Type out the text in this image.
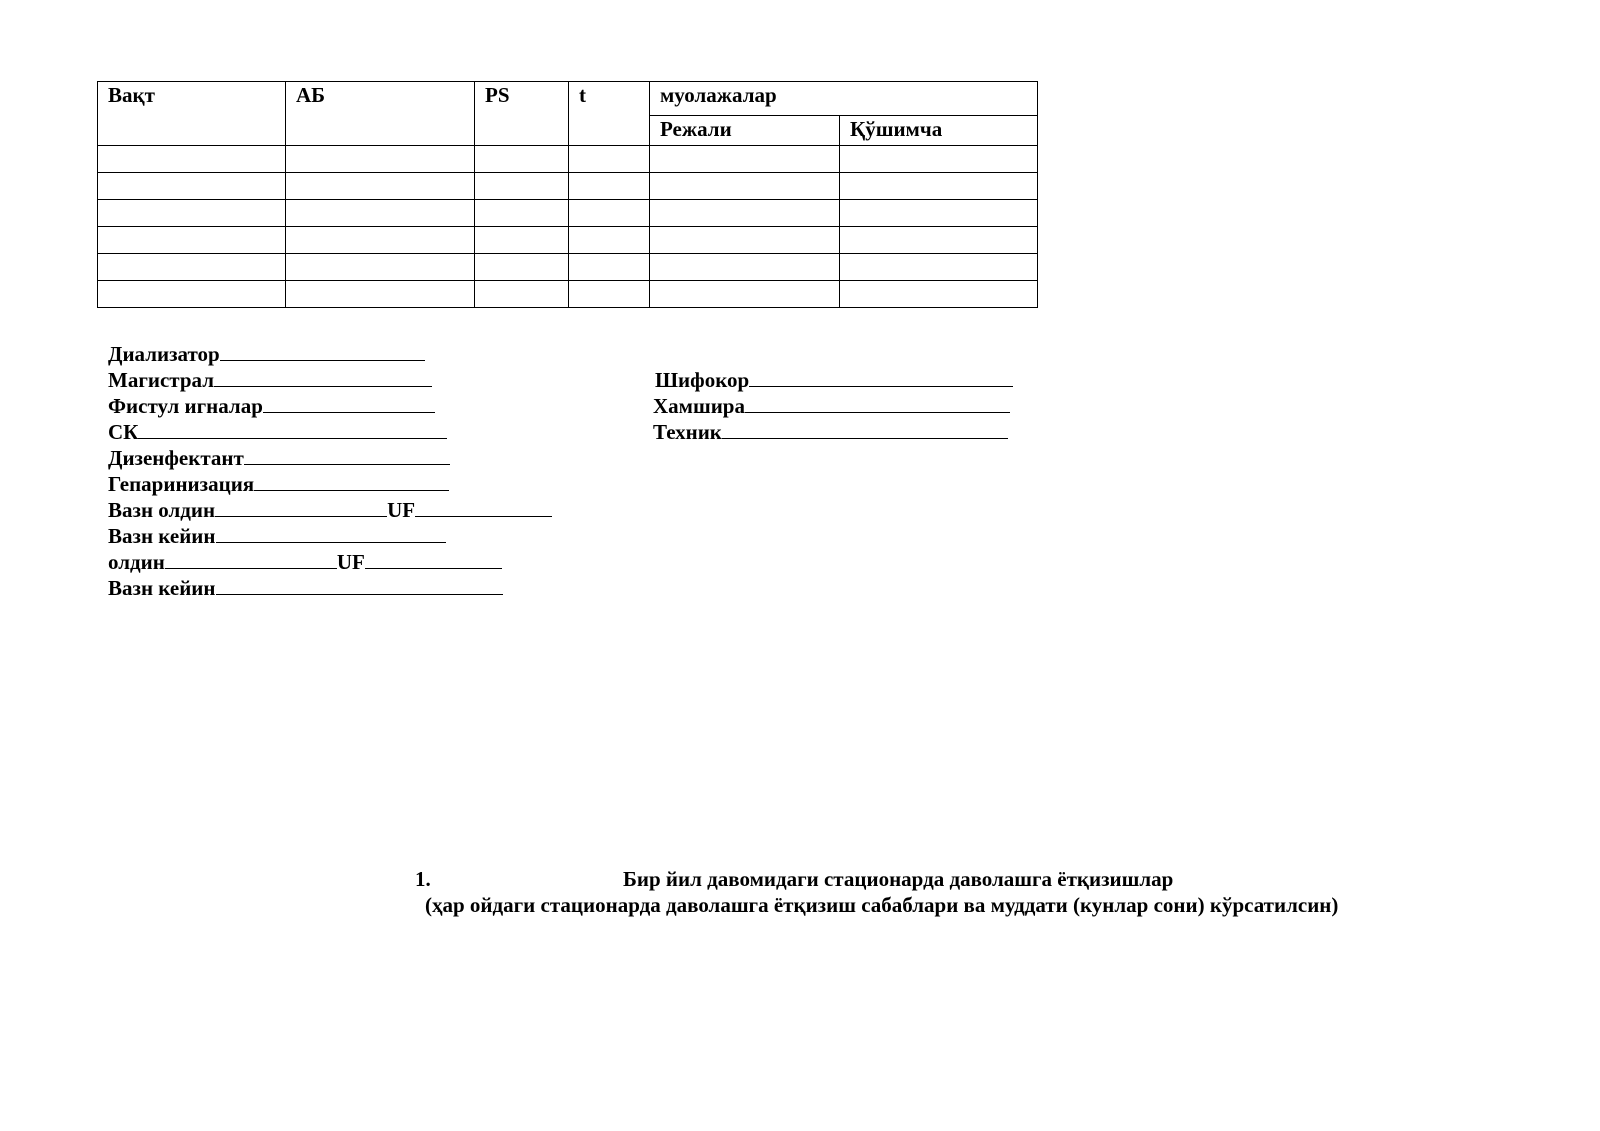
Вақт	АБ	PS	t	муолажалар	
				Режали	Қўшимча

Диализатор
Магистрал
Фистул игналар
СК
Дизенфектант
Гепаринизация
Вазн олдин	UF
Вазн кейин
олдин	UF
Вазн кейин
Шифокор
Хамшира
Техник
1.	Бир йил давомидаги стационарда даволашга ётқизишлар
(ҳар ойдаги стационарда даволашга ётқизиш сабаблари ва муддати (кунлар сони) кўрсатилсин)
